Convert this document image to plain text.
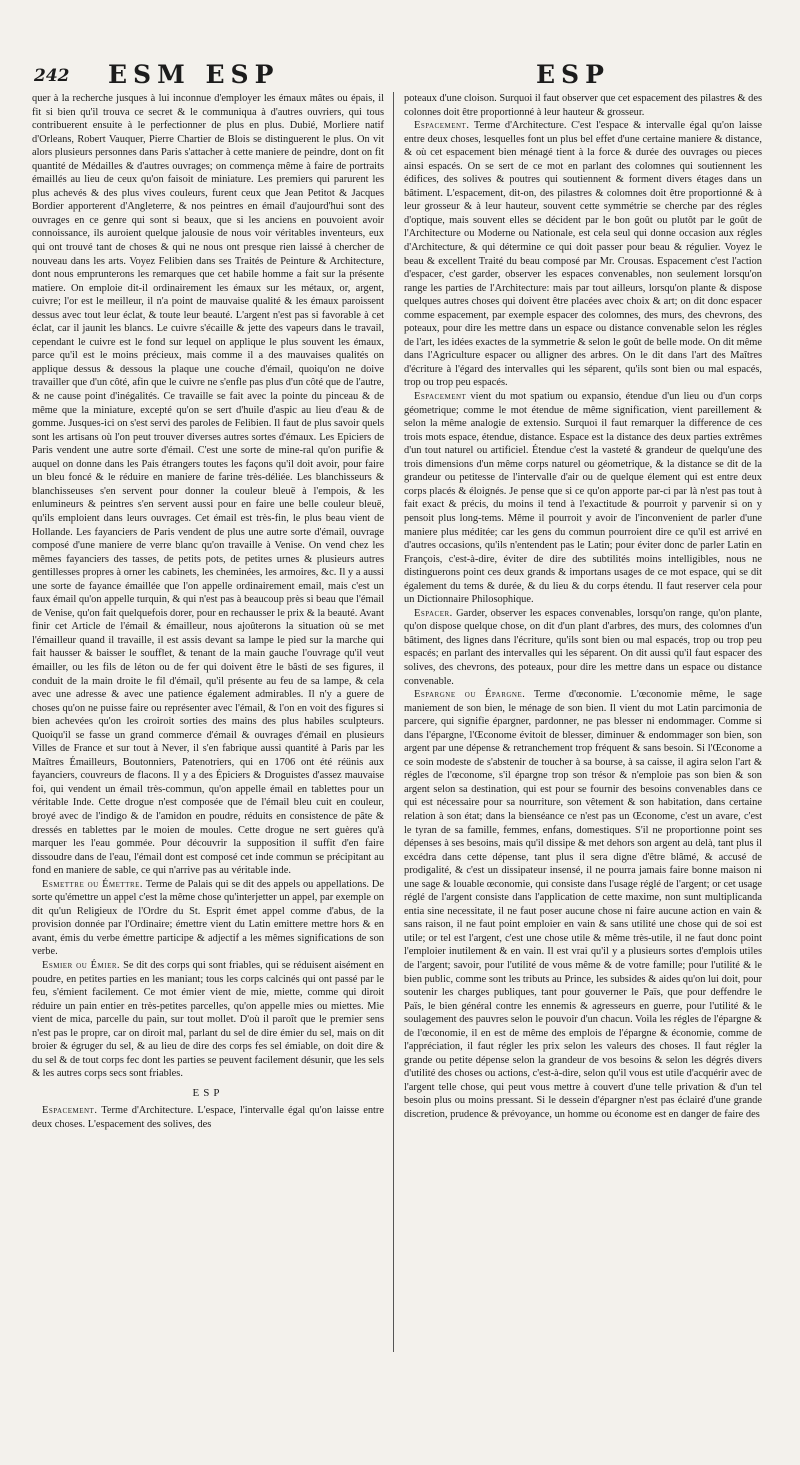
242 ESM ESP	ESP

quer à la recherche jusques à lui inconnue d'employer les émaux mâtes ou épais, il fit si bien qu'il trouva ce secret & le communiqua à d'autres ouvriers, qui tous contribuerent ensuite à le perfectionner de plus en plus. Dubié, Morliere natif d'Orleans, Robert Vauquer, Pierre Chartier de Blois se distinguerent le plus. On vit alors plusieurs personnes dans Paris s'attacher à cette maniere de peindre, dont on fit quantité de Médailles & d'autres ouvrages; on commença même à faire de portraits émaillés au lieu de ceux qu'on faisoit de miniature. Les premiers qui parurent les plus achevés & des plus vives couleurs, furent ceux que Jean Petitot & Jacques Bordier apporterent d'Angleterre, & nos peintres en émail d'aujourd'hui sont des ouvrages en ce genre qui sont si beaux, que si les anciens en pouvoient avoir connoissance, ils auroient quelque jalousie de nous voir véritables inventeurs, eux qui ont trouvé tant de choses & qui ne nous ont presque rien laissé à chercher de nouveau dans les arts. Voyez Felibien dans ses Traités de Peinture & Architecture, dont nous emprunterons les remarques que cet habile homme a fait sur la présente matiere. On emploie dit-il ordinairement les émaux sur les métaux, or, argent, cuivre; l'or est le meilleur, il n'a point de mauvaise qualité & les émaux paroissent dessus avec tout leur éclat, & toute leur beauté. L'argent n'est pas si favorable à cet éclat, car il jaunit les blancs. Le cuivre s'écaille & jette des vapeurs dans le travail, cependant le cuivre est le fond sur lequel on applique le plus souvent les émaux, parce qu'il est le moins précieux, mais comme il a des mauvaises qualités on applique dessus & dessous la plaque une couche d'émail, quoiqu'on ne doive travailler que d'un côté, afin que le cuivre ne s'enfle pas plus d'un côté que de l'autre, & ne cause point d'inégalités. Ce travaille se fait avec la pointe du pinceau & de même que la miniature, excepté qu'on se sert d'huile d'aspic au lieu d'eau & de gomme. Jusques-ici on s'est servi des paroles de Felibien. Il faut de plus savoir quels sont les artisans où l'on peut trouver diverses autres sortes d'émaux. Les Epiciers de Paris vendent une autre sorte d'émail. C'est une sorte de mine-ral qu'on purifie & auquel on donne dans les Pais étrangers toutes les façons qu'il doit avoir, pour faire un bleu foncé & le réduire en maniere de farine très-déliée. Les blanchisseurs & blanchisseuses s'en servent pour donner la couleur bleuë à l'empois, & les enlumineurs & peintres s'en servent aussi pour en faire une belle couleur bleuë, qu'ils emploient dans leurs ouvrages. Cet émail est très-fin, le plus beau vient de Hollande. Les fayanciers de Paris vendent de plus une autre sorte d'émail, ouvrage composé d'une maniere de verre blanc qu'on travaille à Venise. On vend chez les mêmes fayanciers des tasses, de petits pots, de petites urnes & plusieurs autres gentillesses propres à orner les cabinets, les cheminées, les armoires, &c. Il y a aussi une sorte de fayance émaillée que l'on appelle ordinairement email, mais c'est un faux émail qu'on appelle turquin, & qui n'est pas à beaucoup près si beau que l'émail de Venise, qu'on fait quelquefois dorer, pour en rechausser le prix & la beauté. Avant finir cet Article de l'émail & émailleur, nous ajoûterons la situation où se met l'émailleur quand il travaille, il est assis devant sa lampe le pied sur la marche qui fait hausser & baisser le soufflet, & tenant de la main gauche l'ouvrage qu'il veut émailler, ou les fils de léton ou de fer qui doivent être le bâsti de ses figures, il conduit de la main droite le fil d'émail, qu'il présente au feu de sa lampe, & cela avec une adresse & avec une patience également admirables. Il n'y a guere de choses qu'on ne puisse faire ou représenter avec l'émail, & l'on en voit des figures si bien achevées qu'on les croiroit sorties des mains des plus habiles sculpteurs. Quoiqu'il se fasse un grand commerce d'émail & ouvrages d'émail en plusieurs Villes de France et sur tout à Never, il s'en fabrique aussi quantité à Paris par les Maîtres Émailleurs, Boutonniers, Patenotriers, qui en 1706 ont été réünis aux fayanciers, couvreurs de flacons. Il y a des Épiciers & Droguistes d'assez mauvaise foi, qui vendent un émail très-commun, qu'on appelle émail en tablettes pour un véritable Inde. Cette drogue n'est composée que de l'émail bleu cuit en couleur, broyé avec de l'indigo & de l'amidon en poudre, réduits en consistence de pâte & dressés en tablettes par le moien de moules. Cette drogue ne sert guères qu'à marquer les l'eau gommée. Pour découvrir la supposition il suffit d'en faire dissoudre dans de l'eau, l'émail dont est composé cet inde commun se précipitant au fond en maniere de sable, ce qui n'arrive pas au véritable inde.

Esmettre ou Émettre. Terme de Palais qui se dit des appels ou appellations. De sorte qu'émettre un appel c'est la même chose qu'interjetter un appel, par exemple on dit qu'un Religieux de l'Ordre du St. Esprit émet appel comme d'abus, de la provision donnée par l'Ordinaire; émettre vient du Latin emittere mettre hors & en avant, émis du verbe émettre participe & adjectif a les mêmes significations de son verbe.

Esmier ou Émier. Se dit des corps qui sont friables, qui se réduisent aisément en poudre, en petites parties en les maniant; tous les corps calcinés qui ont passé par le feu, s'émient facilement. Ce mot émier vient de mie, miette, comme qui diroit réduire un pain entier en très-petites parcelles, qu'on appelle mies ou miettes. Mie vient de mica, parcelle du pain, sur tout mollet. D'où il paroît que le premier sens n'est pas le propre, car on diroit mal, parlant du sel de dire émier du sel, mais on dit broier & égruger du sel, & au lieu de dire des corps fes sel émiable, on doit dire & du sel & de tout corps fec dont les parties se peuvent facilement désunir, que les sels & les autres corps secs sont friables.

ESP

Espacement. Terme d'Architecture. L'espace, l'intervalle égal qu'on laisse entre deux choses. L'espacement des solives, des

poteaux d'une cloison. Surquoi il faut observer que cet espacement des pilastres & des colonnes doit être proportionné à leur hauteur & grosseur.

Espacement. Terme d'Architecture. C'est l'espace & intervalle égal qu'on laisse entre deux choses, lesquelles font un plus bel effet d'une certaine maniere & distance, & où cet espacement bien ménagé tient à la force & durée des ouvrages ou pieces ainsi espacés. On se sert de ce mot en parlant des colomnes qui soutiennent les édifices, des solives & poutres qui soutiennent & forment divers étages dans un bâtiment. L'espacement, dit-on, des pilastres & colomnes doit être proportionné & à leur grosseur & à leur hauteur, souvent cette symmétrie se cherche par des régles d'optique, mais souvent elles se décident par le bon goût ou plutôt par le goût de l'Architecture ou Moderne ou Nationale, est cela seul qui donne occasion aux régles d'Architecture, & qui détermine ce qui doit passer pour beau & régulier. Voyez le beau & excellent Traité du beau composé par Mr. Crousas. Espacement c'est l'action d'espacer, c'est garder, observer les espaces convenables, non seulement lorsqu'on range les parties de l'Architecture: mais par tout ailleurs, lorsqu'on plante & dispose quelques autres choses qui doivent être placées avec choix & art; on dit donc espacer comme espacement, par exemple espacer des colomnes, des murs, des chevrons, des poteaux, pour dire les mettre dans un espace ou distance convenable selon les régles de l'art, les idées exactes de la symmetrie & selon le goût de belle mode. On dit même dans l'Agriculture espacer ou alligner des arbres. On le dit dans l'art des Maîtres d'écriture à l'égard des intervalles qui les séparent, qu'ils sont bien ou mal espacés, trop ou trop peu espacés.

Espacement vient du mot spatium ou expansio, étendue d'un lieu ou d'un corps géometrique; comme le mot étendue de même signification, vient pareillement & selon la même analogie de extensio. Surquoi il faut remarquer la difference de ces trois mots espace, étendue, distance. Espace est la distance des deux parties extrêmes d'un tout naturel ou artificiel. Étendue c'est la vasteté & grandeur de quelqu'une des trois dimensions d'un même corps naturel ou géometrique, & la distance se dit de la grandeur ou petitesse de l'intervalle d'air ou de quelque élement qui est entre deux corps placés & éloignés. Je pense que si ce qu'on apporte par-ci par là n'est pas tout à fait exact & précis, du moins il tend à l'exactitude & pourroit y parvenir si on y pensoit plus long-tems. Même il pourroit y avoir de l'inconvenient de parler d'une maniere plus méditée; car les gens du commun pourroient dire ce qu'il est arrivé en d'autres occasions, qu'ils n'entendent pas le Latin; pour éviter donc de parler Latin en François, c'est-à-dire, éviter de dire des subtilités moins intelligibles, nous ne distinguerons point ces deux grands & importans usages de ce mot espace, qui se dit également du tems & durée, & du lieu & du corps étendu. Il faut reserver cela pour un Dictionnaire Philosophique.

Espacer. Garder, observer les espaces convenables, lorsqu'on range, qu'on plante, qu'on dispose quelque chose, on dit d'un plant d'arbres, des murs, des colomnes d'un bâtiment, des lignes dans l'écriture, qu'ils sont bien ou mal espacés, trop ou trop peu espacés; en parlant des intervalles qui les séparent. On dit aussi qu'il faut espacer des solives, des chevrons, des poteaux, pour dire les mettre dans un espace ou distance convenable.

Espargne ou Épargne. Terme d'œconomie. L'œconomie même, le sage maniement de son bien, le ménage de son bien. Il vient du mot Latin parcimonia de parcere, qui signifie épargner, pardonner, ne pas blesser ni endommager. Comme si dans l'épargne, l'Œconome évitoit de blesser, diminuer & endommager son bien, son argent par une dépense & retranchement trop fréquent & sans besoin. Si l'Œconome a ce soin modeste de s'abstenir de toucher à sa bourse, à sa caisse, il agira selon l'art & régles de l'œconome, s'il épargne trop son trésor & n'emploie pas son bien & son argent selon sa destination, qui est pour se fournir des besoins convenables dans ce qui est nécessaire pour sa nourriture, son vêtement & son habitation, dans certaine relation à son état; dans la bienséance ce n'est pas un Œconome, c'est un avare, c'est le tyran de sa famille, femmes, enfans, domestiques. S'il ne proportionne point ses dépenses à ses besoins, mais qu'il dissipe & met dehors son argent au delà, tant plus il excédra dans cette dépense, tant plus il sera digne d'être blâmé, & accusé de prodigalité, & c'est un dissipateur insensé, il ne pourra jamais faire bonne maison ni une sage & louable œconomie, qui consiste dans l'usage réglé de l'argent; or cet usage réglé de l'argent consiste dans l'application de cette maxime, non sunt multiplicanda entia sine necessitate, il ne faut poser aucune chose ni faire aucune action en vain & sans raison, il ne faut point emploier en vain & sans utilité une chose qui de soi est utile; or tel est l'argent, c'est une chose utile & même très-utile, il ne faut donc point l'emploier inutilement & en vain. Il est vrai qu'il y a plusieurs sortes d'emplois utiles de l'argent; savoir, pour l'utilité de vous même & de votre famille; pour l'utilité & le bien public, comme sont les tributs au Prince, les subsides & aides qu'on lui doit, pour soutenir les charges publiques, tant pour gouverner le Païs, que pour deffendre le Païs, le bien général contre les ennemis & agresseurs en guerre, pour l'utilité & le soulagement des pauvres selon le pouvoir d'un chacun. Voila les régles de l'épargne & de l'œconomie, il en est de même des emplois de l'épargne & économie, comme de l'appréciation, il faut régler les prix selon les valeurs des choses. Il faut régler la grande ou petite dépense selon la grandeur de vos besoins & selon les dégrés divers d'utilité des choses ou actions, c'est-à-dire, selon qu'il vous est utile d'acquérir avec de l'argent telle chose, qui peut vous mettre à couvert d'une telle privation & d'un tel besoin plus ou moins pressant. Si le dessein d'épargner n'est pas éclairé d'une grande discretion, prudence & prévoyance, un homme ou économe est en danger de faire des
